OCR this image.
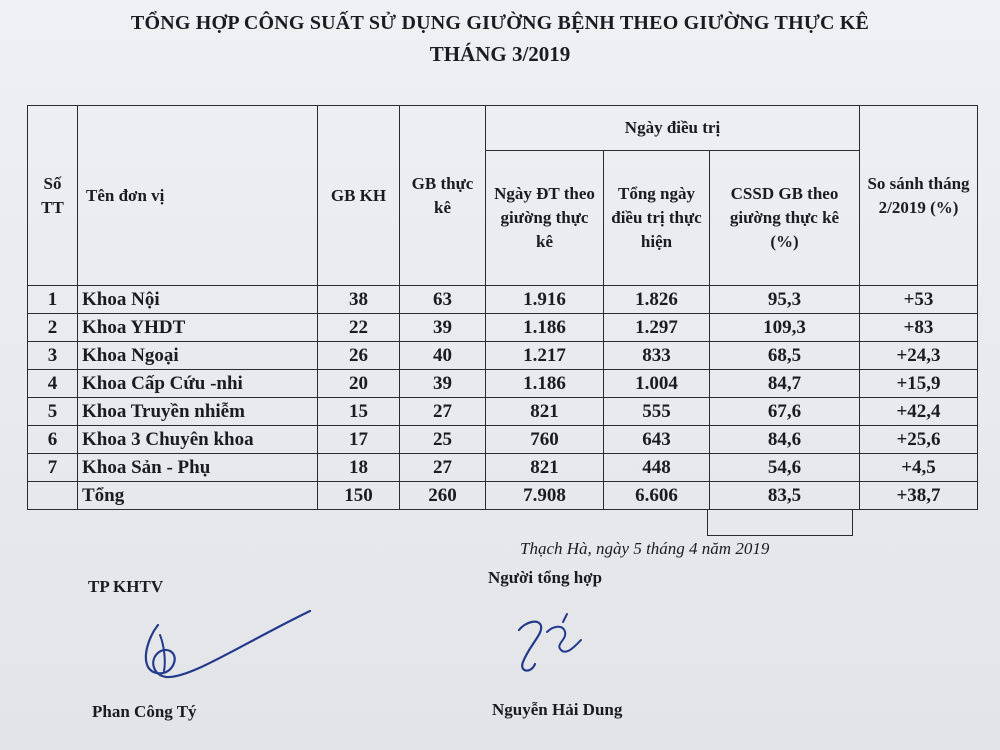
TỔNG HỢP CÔNG SUẤT SỬ DỤNG GIƯỜNG BỆNH THEO GIƯỜNG THỰC KÊ
THÁNG 3/2019
Số TT	Tên đơn vị	GB KH	GB thực kê	Ngày điều trị			So sánh tháng 2/2019 (%)
				Ngày ĐT theo giường thực kê	Tổng ngày điều trị thực hiện	CSSD GB theo giường thực kê (%)	
1	Khoa Nội	38	63	1.916	1.826	95,3	+53
2	Khoa YHDT	22	39	1.186	1.297	109,3	+83
3	Khoa Ngoại	26	40	1.217	833	68,5	+24,3
4	Khoa Cấp Cứu -nhi	20	39	1.186	1.004	84,7	+15,9
5	Khoa Truyền nhiễm	15	27	821	555	67,6	+42,4
6	Khoa 3 Chuyên khoa	17	25	760	643	84,6	+25,6
7	Khoa Sản - Phụ	18	27	821	448	54,6	+4,5
	Tổng	150	260	7.908	6.606	83,5	+38,7
Thạch Hà, ngày 5 tháng 4 năm 2019
TP KHTV	Người tổng hợp
Phan Công Tý	Nguyễn Hải Dung
